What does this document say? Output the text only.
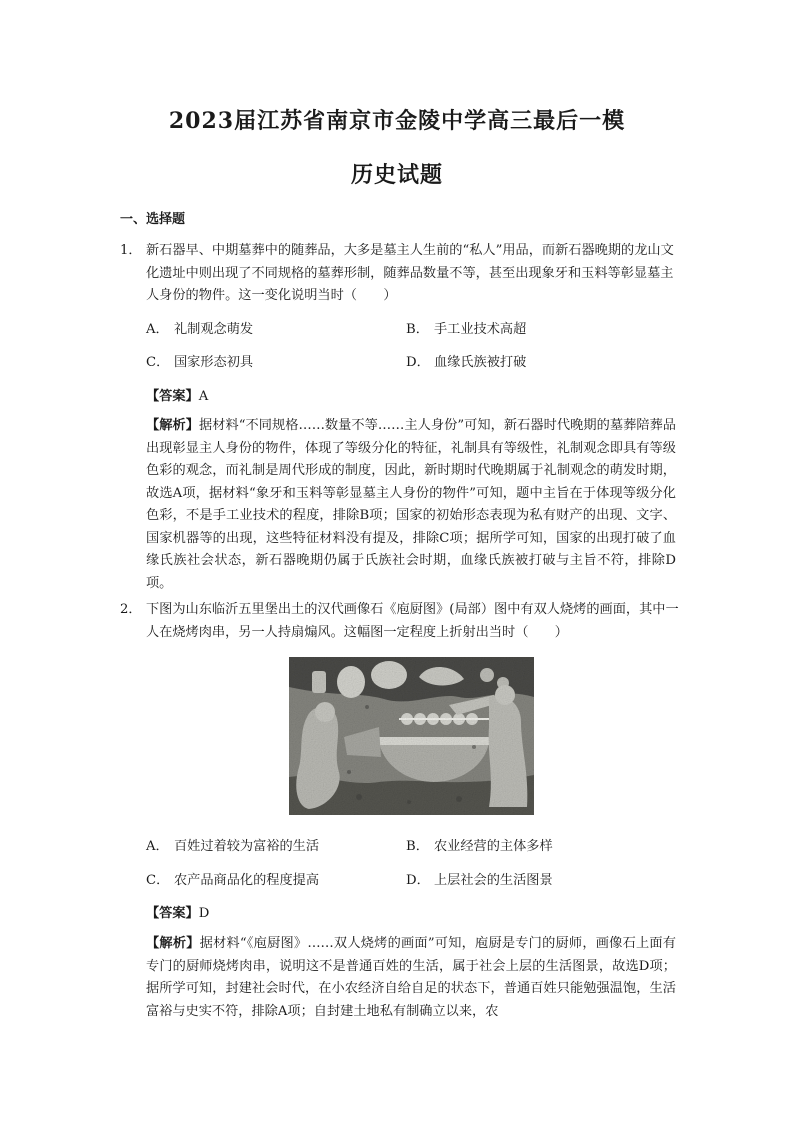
2023届江苏省南京市金陵中学高三最后一模
历史试题
一、选择题
1． 新石器早、中期墓葬中的随葬品，大多是墓主人生前的“私人”用品，而新石器晚期的龙山文化遗址中则出现了不同规格的墓葬形制，随葬品数量不等，甚至出现象牙和玉料等彰显墓主人身份的物件。这一变化说明当时（　　）
A． 礼制观念萌发	B． 手工业技术高超
C． 国家形态初具	D． 血缘氏族被打破
【答案】A
【解析】据材料“不同规格……数量不等……主人身份”可知，新石器时代晚期的墓葬陪葬品出现彰显主人身份的物件，体现了等级分化的特征，礼制具有等级性，礼制观念即具有等级色彩的观念，而礼制是周代形成的制度，因此，新时期时代晚期属于礼制观念的萌发时期，故选A项，据材料“象牙和玉料等彰显墓主人身份的物件”可知，题中主旨在于体现等级分化色彩，不是手工业技术的程度，排除B项；国家的初始形态表现为私有财产的出现、文字、国家机器等的出现，这些特征材料没有提及，排除C项；据所学可知，国家的出现打破了血缘氏族社会状态，新石器晚期仍属于氏族社会时期，血缘氏族被打破与主旨不符，排除D项。
2． 下图为山东临沂五里堡出土的汉代画像石《庖厨图》(局部）图中有双人烧烤的画面，其中一人在烧烤肉串，另一人持扇煽风。这幅图一定程度上折射出当时（　　）
A． 百姓过着较为富裕的生活	B． 农业经营的主体多样
C． 农产品商品化的程度提高	D． 上层社会的生活图景
【答案】D
【解析】据材料“《庖厨图》……双人烧烤的画面”可知，庖厨是专门的厨师，画像石上面有专门的厨师烧烤肉串，说明这不是普通百姓的生活，属于社会上层的生活图景，故选D项；据所学可知，封建社会时代，在小农经济自给自足的状态下，普通百姓只能勉强温饱，生活富裕与史实不符，排除A项；自封建土地私有制确立以来，农
